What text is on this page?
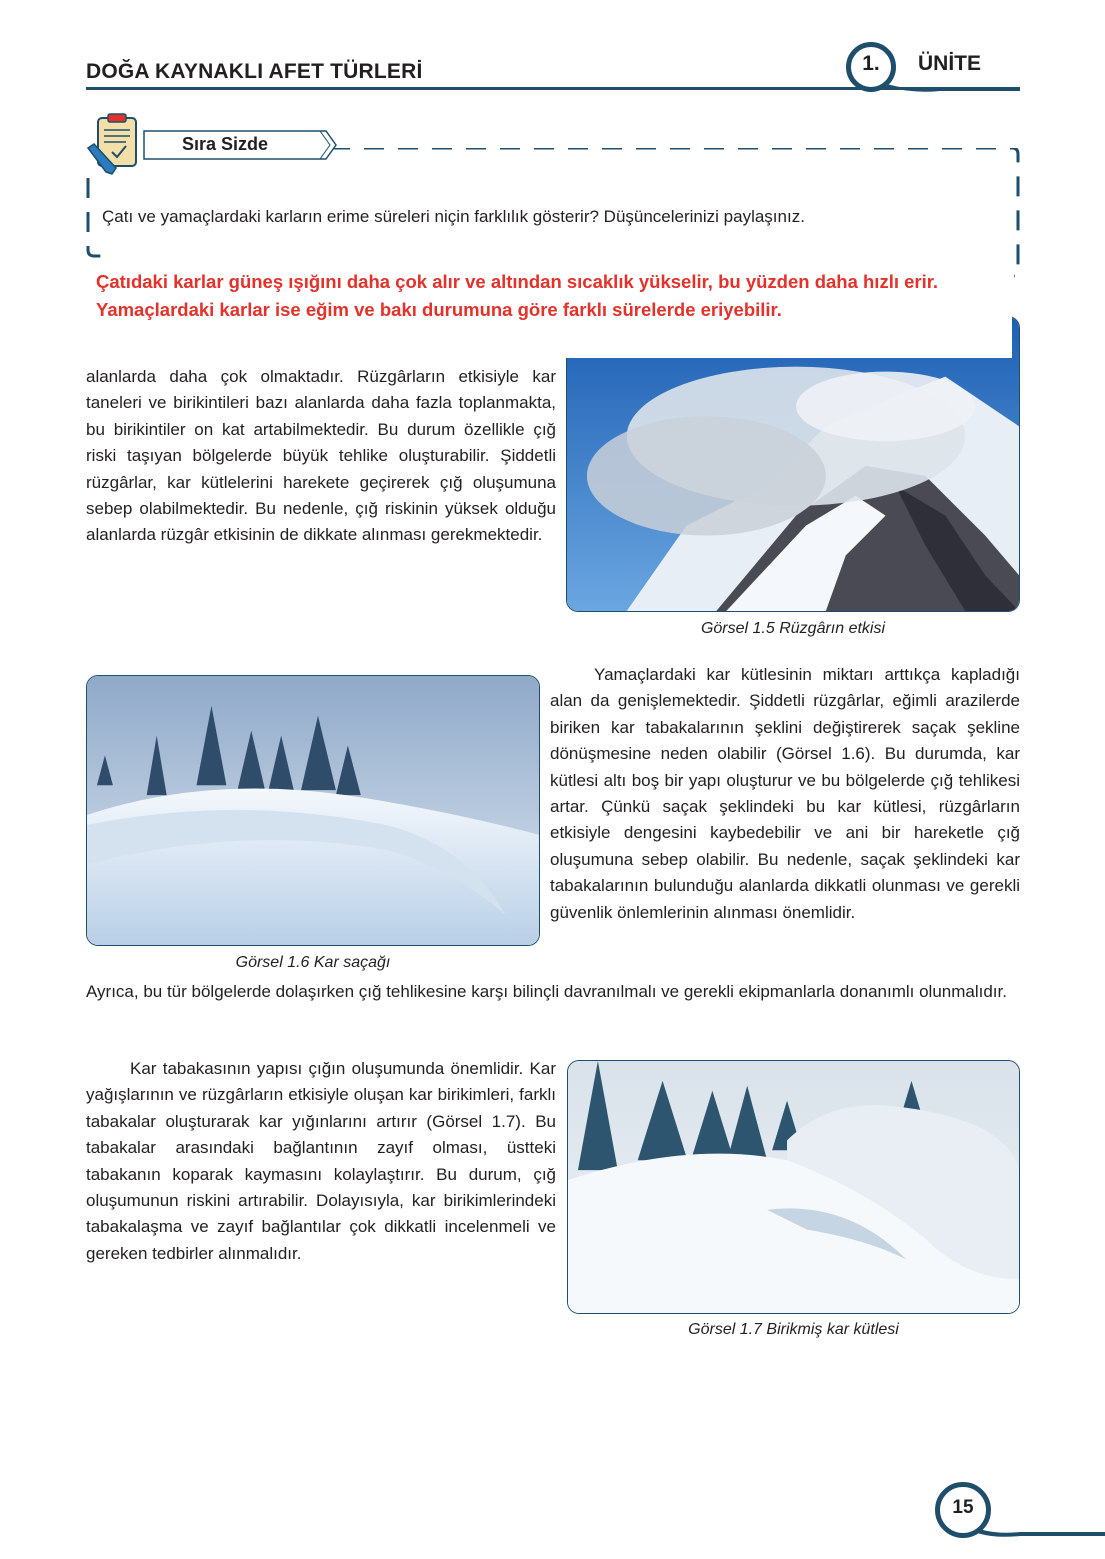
DOĞA KAYNAKLI AFET TÜRLERİ	1.	ÜNİTE
Sıra Sizde
Çatı ve yamaçlardaki karların erime süreleri niçin farklılık gösterir? Düşüncelerinizi paylaşınız.
alanlarda daha çok olmaktadır. Rüzgârların etkisiyle kar taneleri ve birikintileri bazı alanlarda daha fazla toplanmakta, bu birikintiler on kat artabilmektedir. Bu durum özellikle çığ riski taşıyan bölgelerde büyük tehlike oluşturabilir. Şiddetli rüzgârlar, kar kütlelerini harekete geçirerek çığ oluşumuna sebep olabilmektedir. Bu nedenle, çığ riskinin yüksek olduğu alanlarda rüzgâr etkisinin de dikkate alınması gerekmektedir.
Görsel 1.5 Rüzgârın etkisi
Çatıdaki karlar güneş ışığını daha çok alır ve altından sıcaklık yükselir, bu yüzden daha hızlı erir. Yamaçlardaki karlar ise eğim ve bakı durumuna göre farklı sürelerde eriyebilir.
Görsel 1.6 Kar saçağı
Yamaçlardaki kar kütlesinin miktarı arttıkça kapladığı alan da genişlemektedir. Şiddetli rüzgârlar, eğimli arazilerde biriken kar tabakalarının şeklini değiştirerek saçak şekline dönüşmesine neden olabilir (Görsel 1.6). Bu durumda, kar kütlesi altı boş bir yapı oluşturur ve bu bölgelerde çığ tehlikesi artar. Çünkü saçak şeklindeki bu kar kütlesi, rüzgârların etkisiyle dengesini kaybedebilir ve ani bir hareketle çığ oluşumuna sebep olabilir. Bu nedenle, saçak şeklindeki kar tabakalarının bulunduğu alanlarda dikkatli olunması ve gerekli güvenlik önlemlerinin alınması önemlidir.
Ayrıca, bu tür bölgelerde dolaşırken çığ tehlikesine karşı bilinçli davranılmalı ve gerekli ekipmanlarla donanımlı olunmalıdır.
Kar tabakasının yapısı çığın oluşumunda önemlidir. Kar yağışlarının ve rüzgârların etkisiyle oluşan kar birikimleri, farklı tabakalar oluşturarak kar yığınlarını artırır (Görsel 1.7). Bu tabakalar arasındaki bağlantının zayıf olması, üstteki tabakanın koparak kaymasını kolaylaştırır. Bu durum, çığ oluşumunun riskini artırabilir. Dolayısıyla, kar birikimlerindeki tabakalaşma ve zayıf bağlantılar çok dikkatli incelenmeli ve gereken tedbirler alınmalıdır.
Görsel 1.7 Birikmiş kar kütlesi
15
